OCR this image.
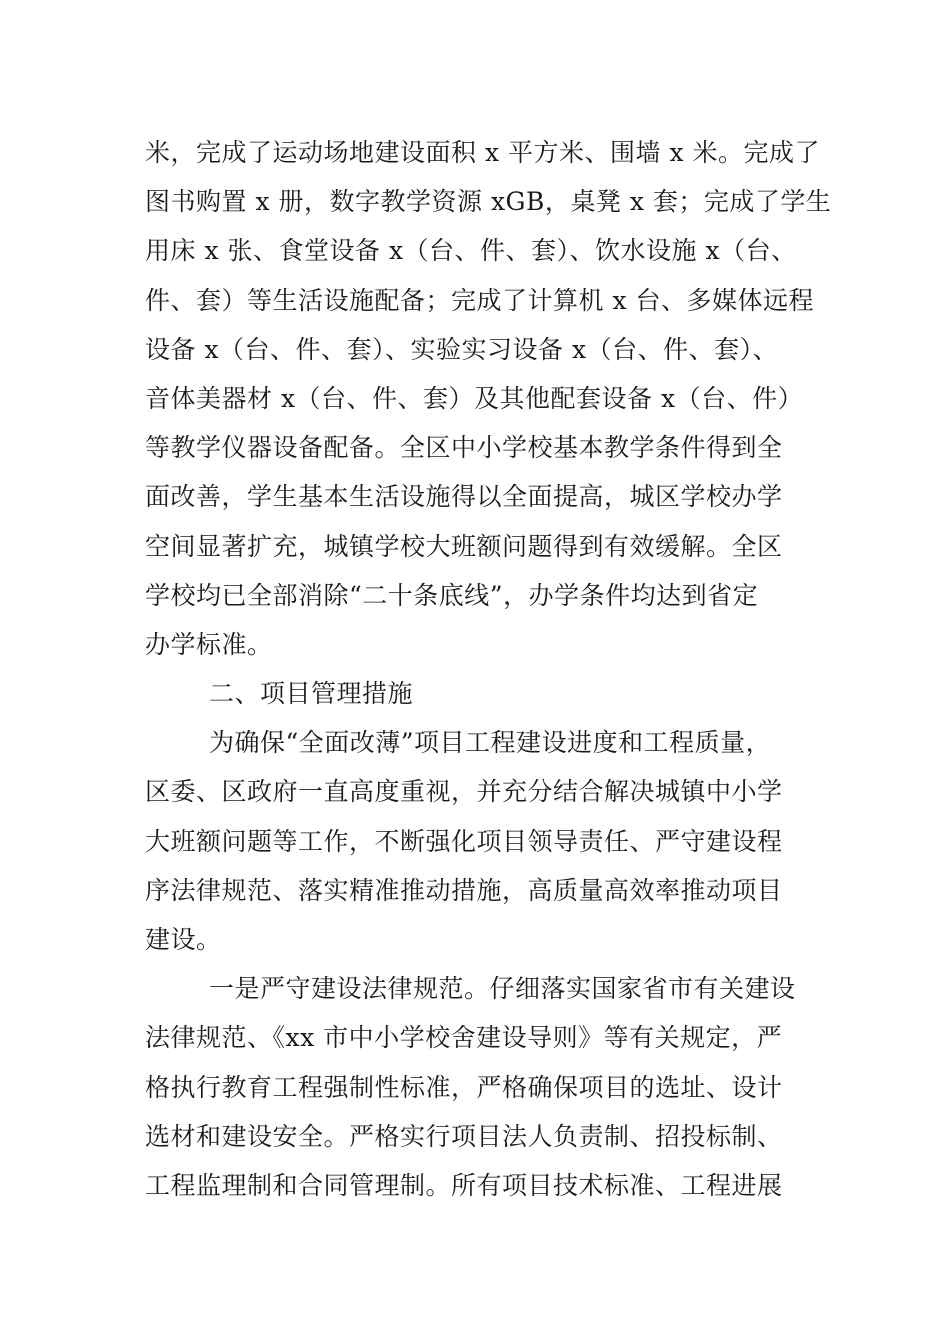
米，完成了运动场地建设面积 x 平方米、围墙 x 米。完成了
图书购置 x 册，数字教学资源 xGB，桌凳 x 套；完成了学生
用床 x 张、食堂设备 x（台、件、套）、饮水设施 x（台、
件、套）等生活设施配备；完成了计算机 x 台、多媒体远程
设备 x（台、件、套）、实验实习设备 x（台、件、套）、
音体美器材 x（台、件、套）及其他配套设备 x（台、件）
等教学仪器设备配备。全区中小学校基本教学条件得到全
面改善，学生基本生活设施得以全面提高，城区学校办学
空间显著扩充，城镇学校大班额问题得到有效缓解。全区
学校均已全部消除“二十条底线”，办学条件均达到省定
办学标准。
二、项目管理措施
为确保“全面改薄”项目工程建设进度和工程质量，
区委、区政府一直高度重视，并充分结合解决城镇中小学
大班额问题等工作，不断强化项目领导责任、严守建设程
序法律规范、落实精准推动措施，高质量高效率推动项目
建设。
一是严守建设法律规范。仔细落实国家省市有关建设
法律规范、《xx 市中小学校舍建设导则》等有关规定，严
格执行教育工程强制性标准，严格确保项目的选址、设计
选材和建设安全。严格实行项目法人负责制、招投标制、
工程监理制和合同管理制。所有项目技术标准、工程进展
